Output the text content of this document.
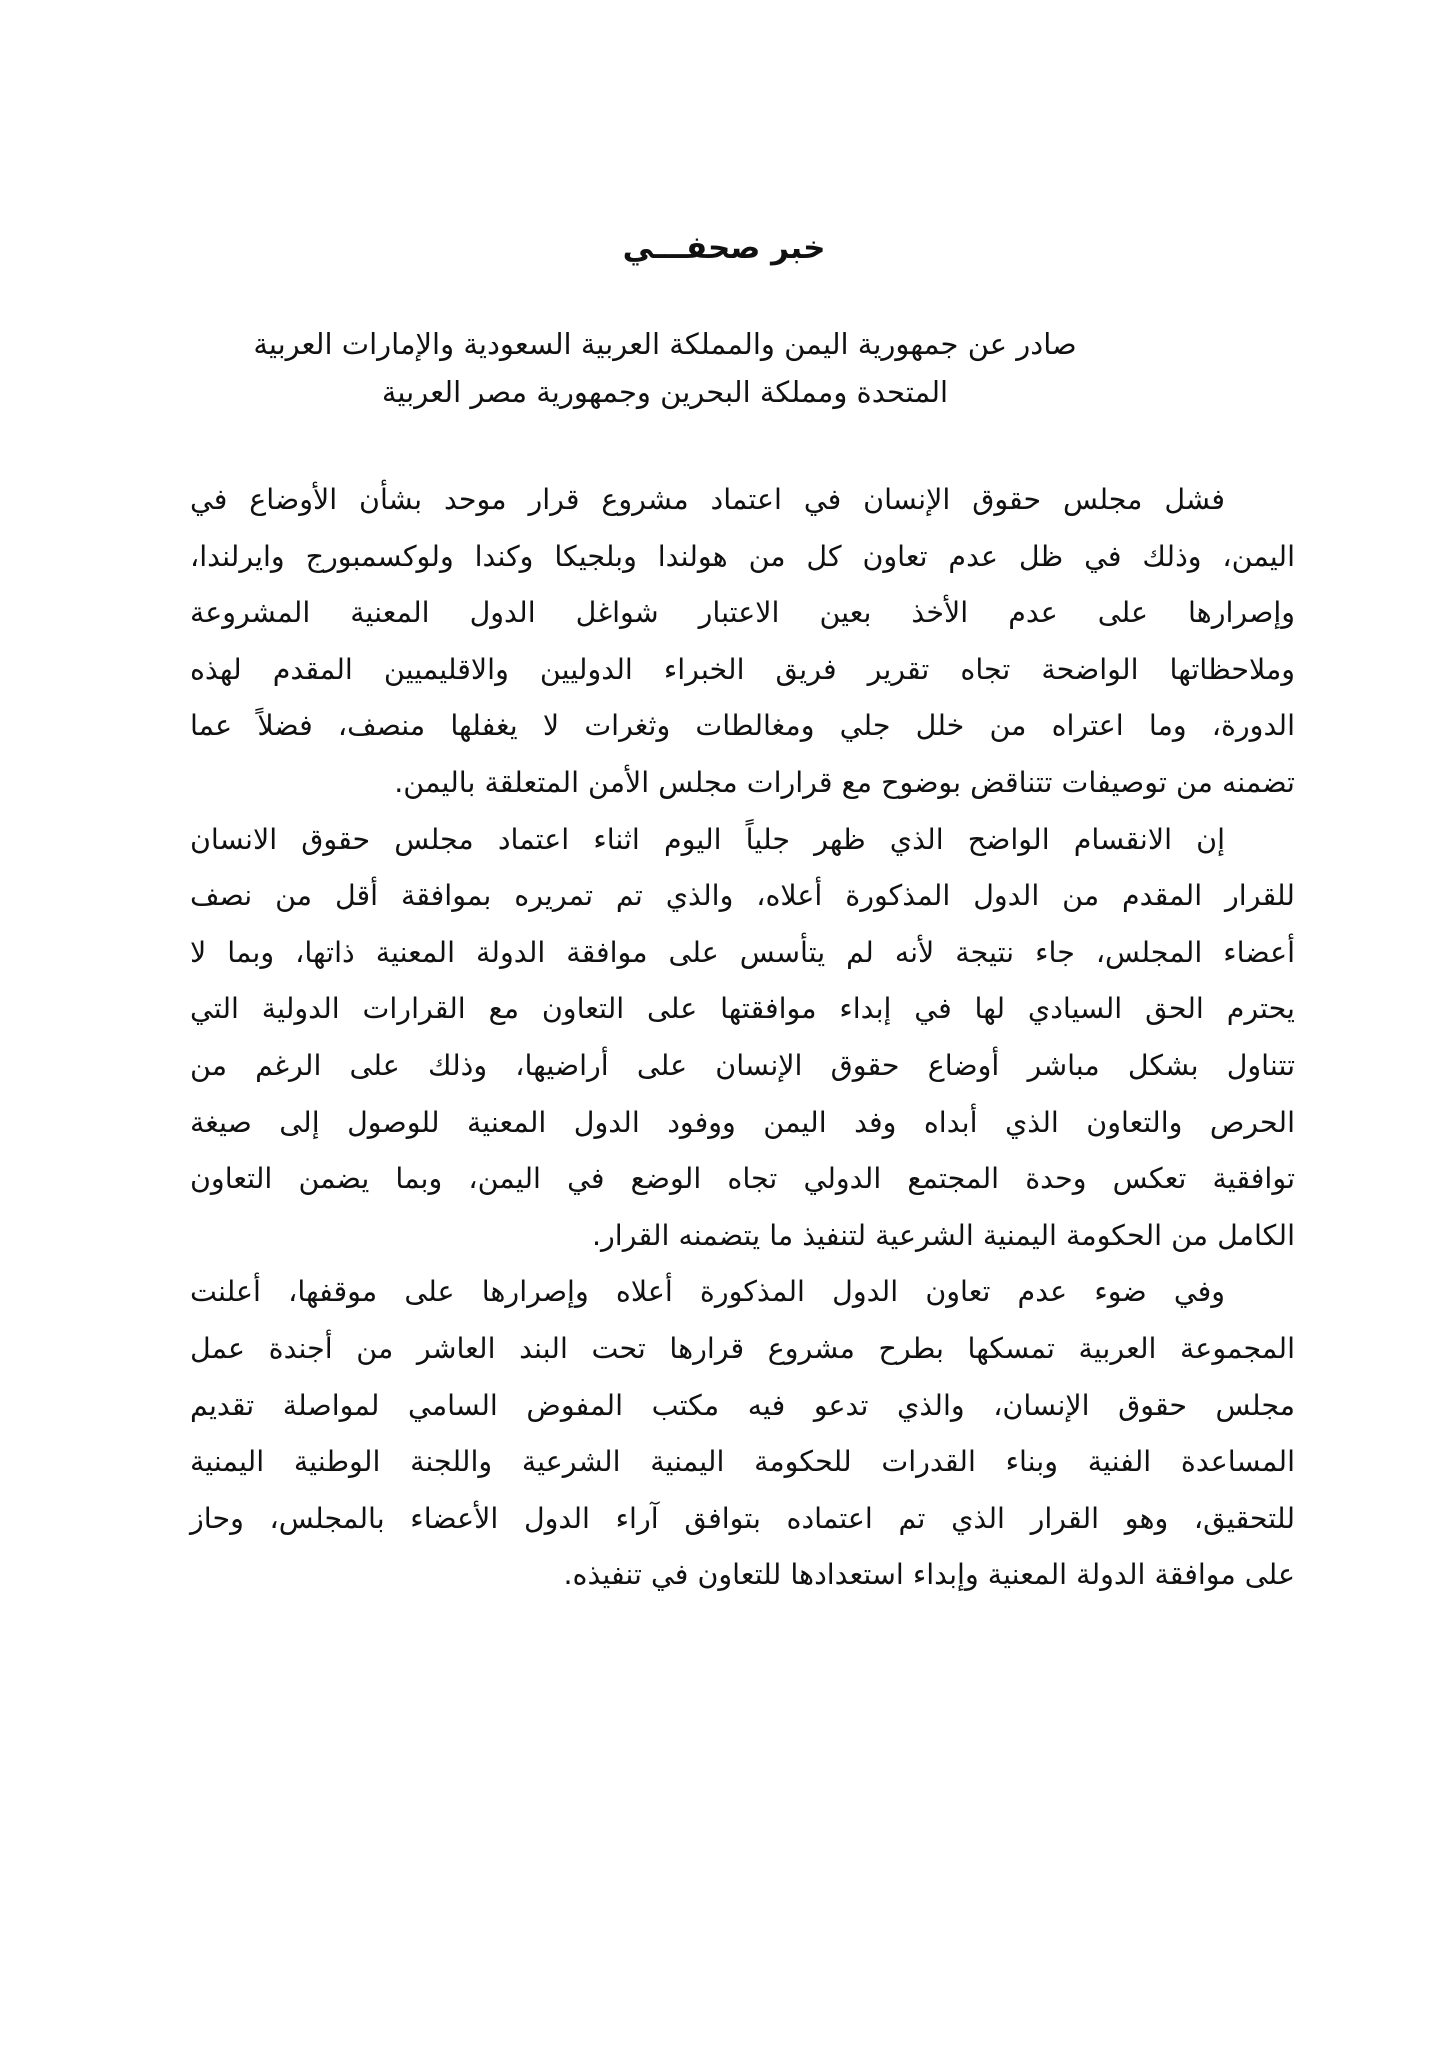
خبر صحفـــي
صادر عن جمهورية اليمن والمملكة العربية السعودية والإمارات العربية
المتحدة ومملكة البحرين وجمهورية مصر العربية
فشل مجلس حقوق الإنسان في اعتماد مشروع قرار موحد بشأن الأوضاع في
اليمن، وذلك في ظل عدم تعاون كل من هولندا وبلجيكا وكندا ولوكسمبورج وايرلندا،
وإصرارها على عدم الأخذ بعين الاعتبار شواغل الدول المعنية المشروعة
وملاحظاتها الواضحة تجاه تقرير فريق الخبراء الدوليين والاقليميين المقدم لهذه
الدورة، وما اعتراه من خلل جلي ومغالطات وثغرات لا يغفلها منصف، فضلاً عما
تضمنه من توصيفات تتناقض بوضوح مع قرارات مجلس الأمن المتعلقة باليمن.
إن الانقسام الواضح الذي ظهر جلياً اليوم اثناء اعتماد مجلس حقوق الانسان
للقرار المقدم من الدول المذكورة أعلاه، والذي تم تمريره بموافقة أقل من نصف
أعضاء المجلس، جاء نتيجة لأنه لم يتأسس على موافقة الدولة المعنية ذاتها، وبما لا
يحترم الحق السيادي لها في إبداء موافقتها على التعاون مع القرارات الدولية التي
تتناول بشكل مباشر أوضاع حقوق الإنسان على أراضيها، وذلك على الرغم من
الحرص والتعاون الذي أبداه وفد اليمن ووفود الدول المعنية للوصول إلى صيغة
توافقية تعكس وحدة المجتمع الدولي تجاه الوضع في اليمن، وبما يضمن التعاون
الكامل من الحكومة اليمنية الشرعية لتنفيذ ما يتضمنه القرار.
وفي ضوء عدم تعاون الدول المذكورة أعلاه وإصرارها على موقفها، أعلنت
المجموعة العربية تمسكها بطرح مشروع قرارها تحت البند العاشر من أجندة عمل
مجلس حقوق الإنسان، والذي تدعو فيه مكتب المفوض السامي لمواصلة تقديم
المساعدة الفنية وبناء القدرات للحكومة اليمنية الشرعية واللجنة الوطنية اليمنية
للتحقيق، وهو القرار الذي تم اعتماده بتوافق آراء الدول الأعضاء بالمجلس، وحاز
على موافقة الدولة المعنية وإبداء استعدادها للتعاون في تنفيذه.
